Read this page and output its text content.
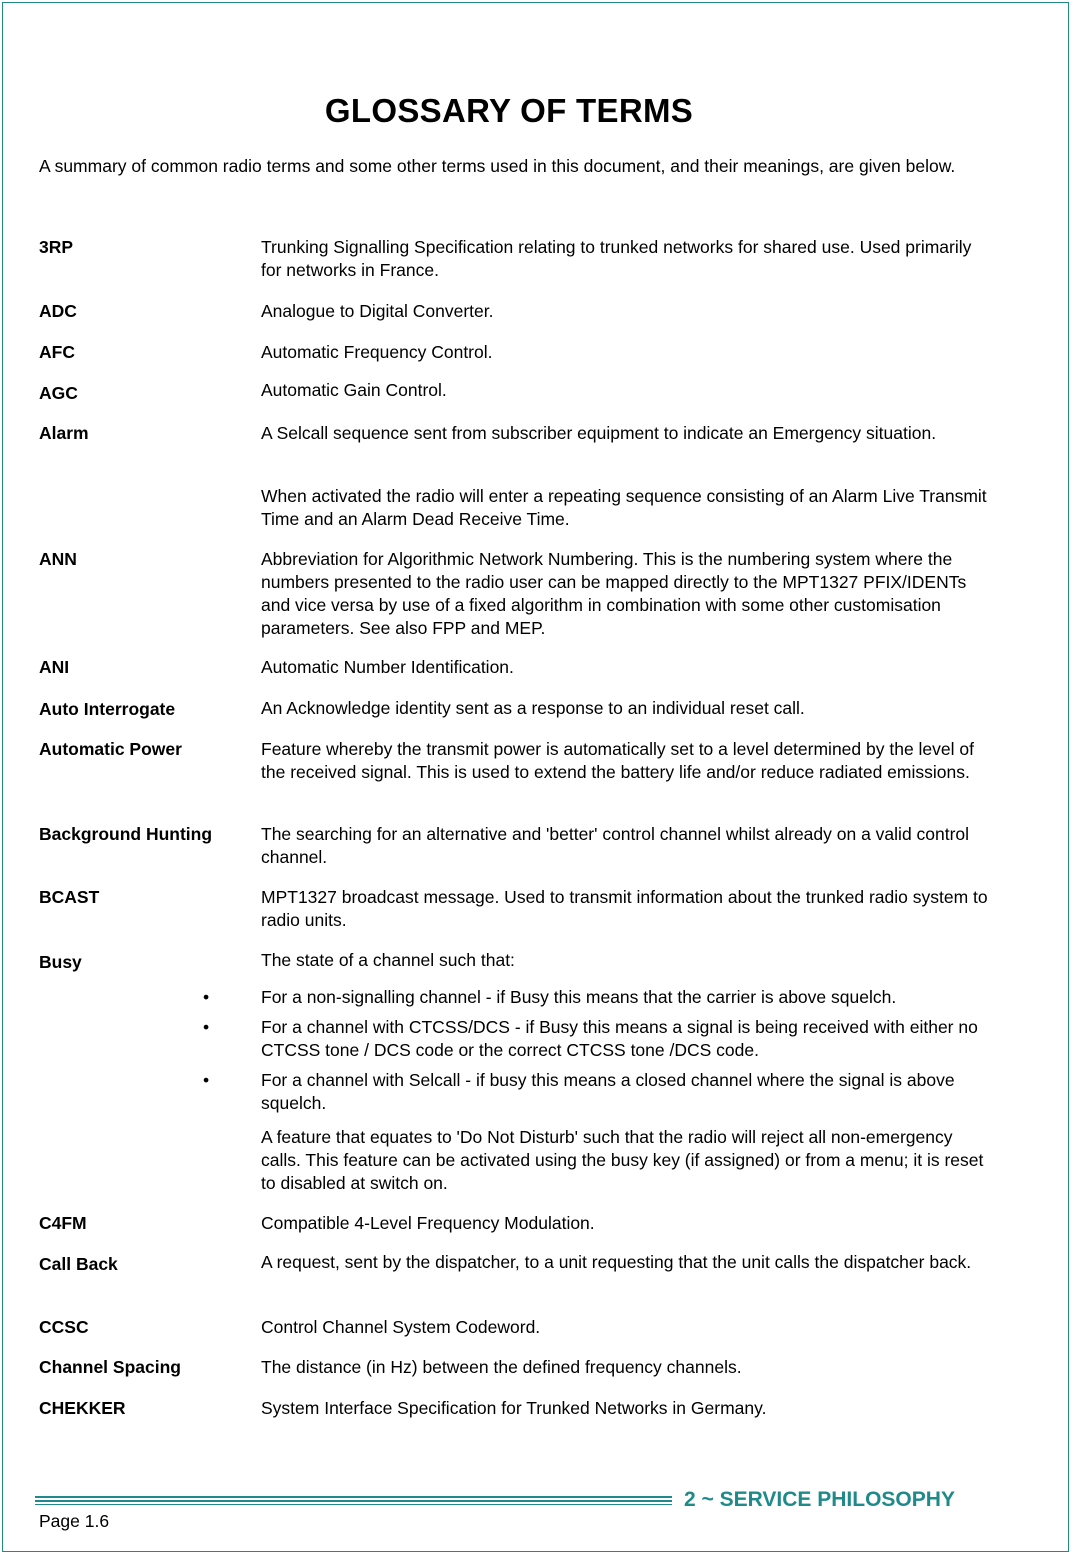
GLOSSARY OF TERMS
A summary of common radio terms and some other terms used in this document, and their meanings, are given below.
3RP	Trunking Signalling Specification relating to trunked networks for shared use. Used primarily for networks in France.
ADC	Analogue to Digital Converter.
AFC	Automatic Frequency Control.
AGC	Automatic Gain Control.
Alarm	A Selcall sequence sent from subscriber equipment to indicate an Emergency situation.
When activated the radio will enter a repeating sequence consisting of an Alarm Live Transmit Time and an Alarm Dead Receive Time.
ANN	Abbreviation for Algorithmic Network Numbering. This is the numbering system where the numbers presented to the radio user can be mapped directly to the MPT1327 PFIX/IDENTs and vice versa by use of a fixed algorithm in combination with some other customisation parameters. See also FPP and MEP.
ANI	Automatic Number Identification.
Auto Interrogate	An Acknowledge identity sent as a response to an individual reset call.
Automatic Power	Feature whereby the transmit power is automatically set to a level determined by the level of the received signal. This is used to extend the battery life and/or reduce radiated emissions.
Background Hunting	The searching for an alternative and 'better' control channel whilst already on a valid control channel.
BCAST	MPT1327 broadcast message. Used to transmit information about the trunked radio system to radio units.
Busy	The state of a channel such that:
•	For a non-signalling channel - if Busy this means that the carrier is above squelch.
•	For a channel with CTCSS/DCS - if Busy this means a signal is being received with either no CTCSS tone / DCS code or the correct CTCSS tone /DCS code.
•	For a channel with Selcall - if busy this means a closed channel where the signal is above squelch.
A feature that equates to 'Do Not Disturb' such that the radio will reject all non-emergency calls. This feature can be activated using the busy key (if assigned) or from a menu; it is reset to disabled at switch on.
C4FM	Compatible 4-Level Frequency Modulation.
Call Back	A request, sent by the dispatcher, to a unit requesting that the unit calls the dispatcher back.
CCSC	Control Channel System Codeword.
Channel Spacing	The distance (in Hz) between the defined frequency channels.
CHEKKER	System Interface Specification for Trunked Networks in Germany.
2 ~ SERVICE PHILOSOPHY
Page 1.6
